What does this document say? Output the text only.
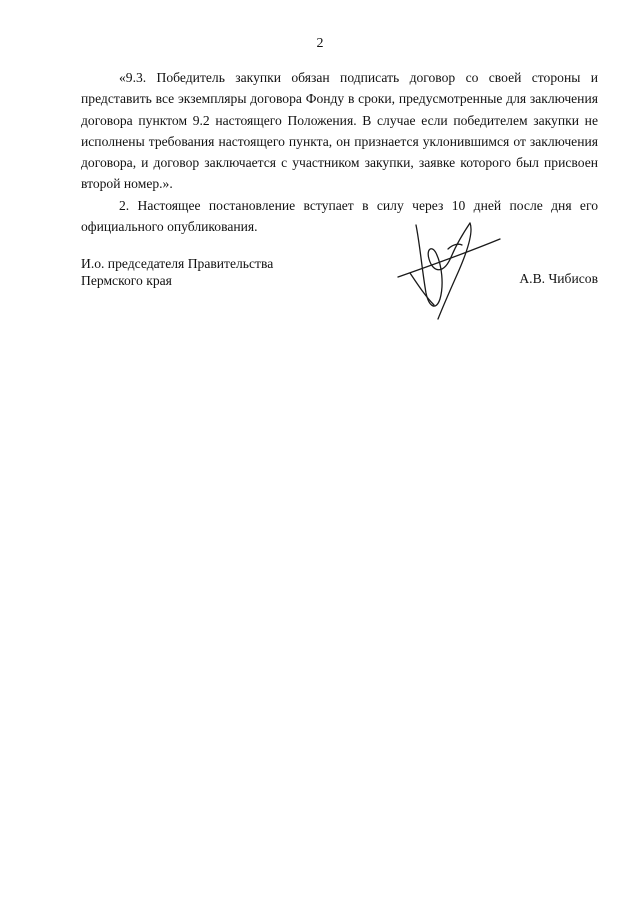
2

«9.3. Победитель закупки обязан подписать договор со своей стороны и представить все экземпляры договора Фонду в сроки, предусмотренные для заключения договора пунктом 9.2 настоящего Положения. В случае если победителем закупки не исполнены требования настоящего пункта, он признается уклонившимся от заключения договора, и договор заключается с участником закупки, заявке которого был присвоен второй номер.».

2. Настоящее постановление вступает в силу через 10 дней после дня его официального опубликования.

И.о. председателя Правительства
Пермского края	А.В. Чибисов
